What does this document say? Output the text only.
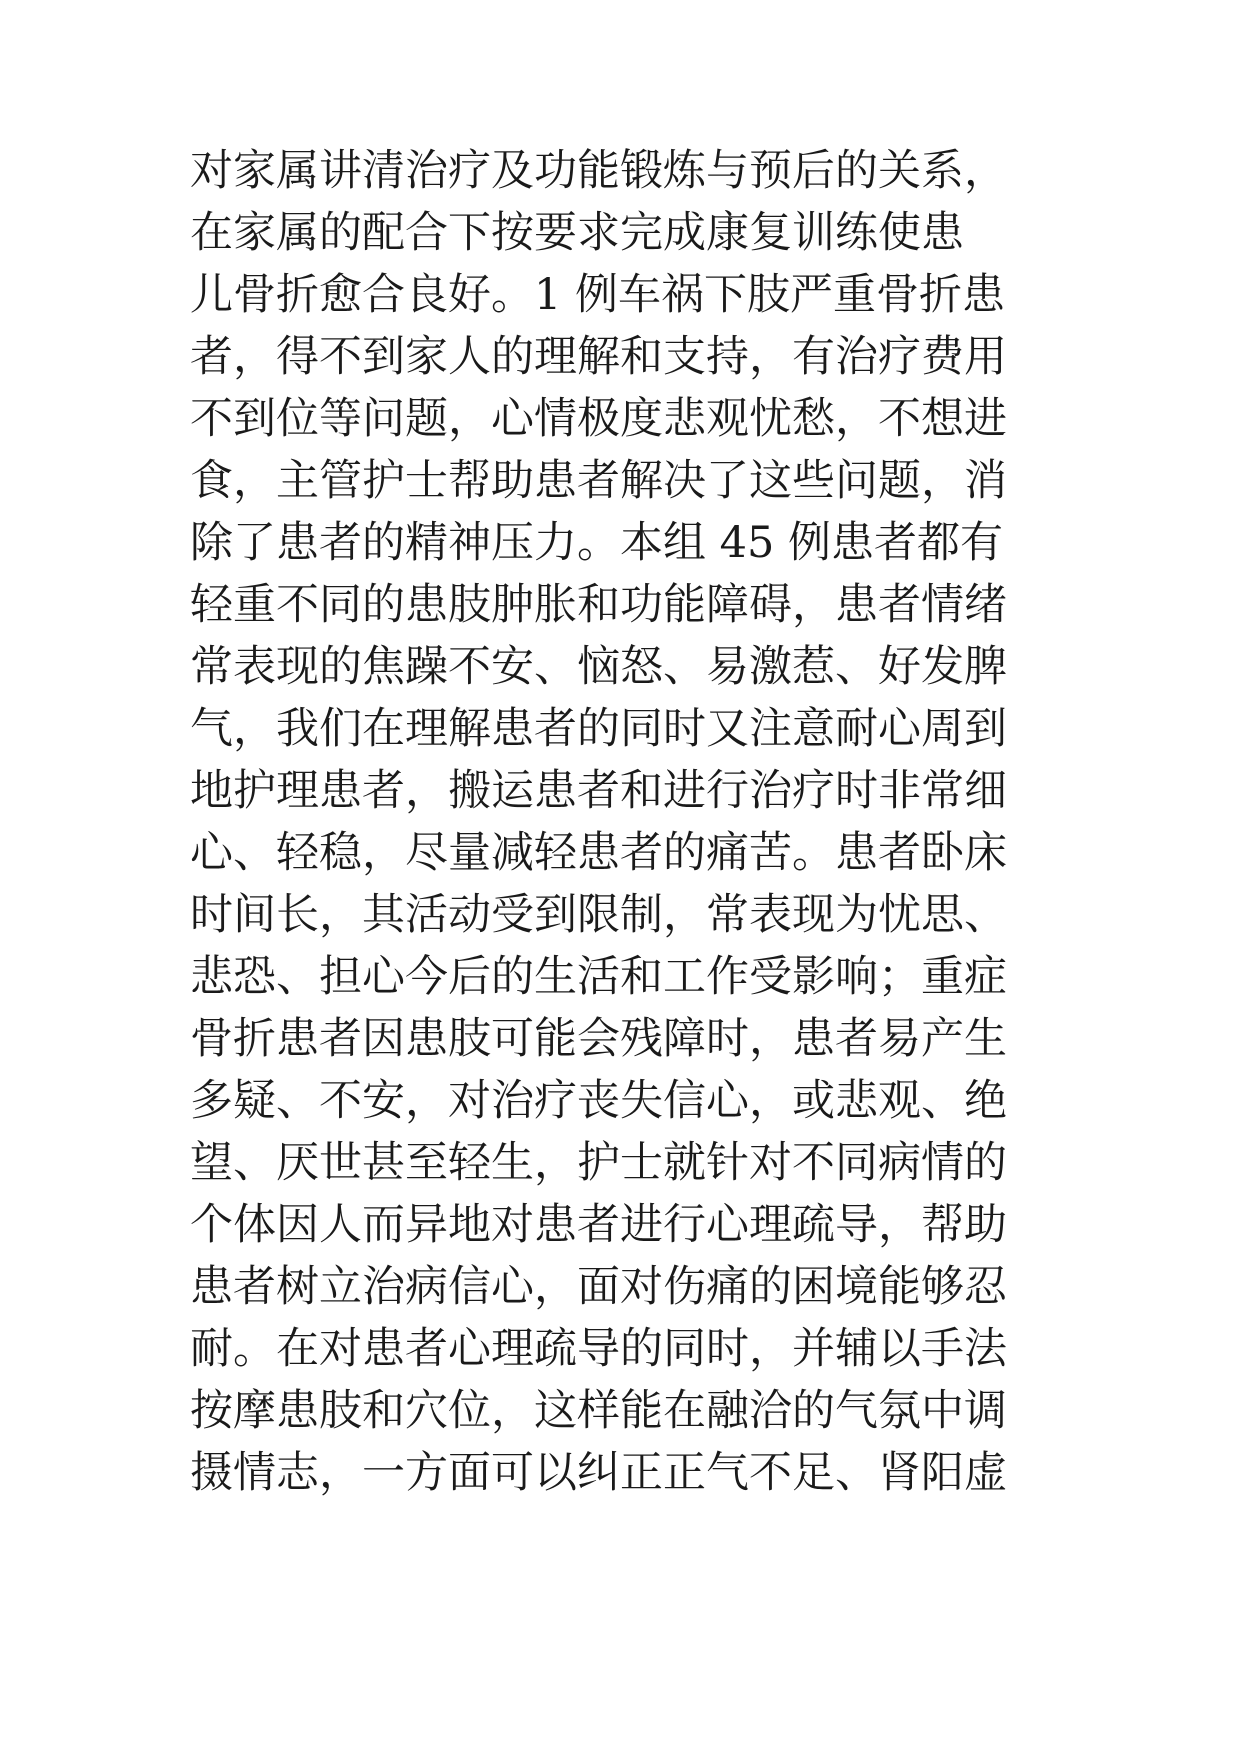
对家属讲清治疗及功能锻炼与预后的关系，
在家属的配合下按要求完成康复训练使患
儿骨折愈合良好。1 例车祸下肢严重骨折患
者，得不到家人的理解和支持，有治疗费用
不到位等问题，心情极度悲观忧愁，不想进
食，主管护士帮助患者解决了这些问题，消
除了患者的精神压力。本组 45 例患者都有
轻重不同的患肢肿胀和功能障碍，患者情绪
常表现的焦躁不安、恼怒、易激惹、好发脾
气，我们在理解患者的同时又注意耐心周到
地护理患者，搬运患者和进行治疗时非常细
心、轻稳，尽量减轻患者的痛苦。患者卧床
时间长，其活动受到限制，常表现为忧思、
悲恐、担心今后的生活和工作受影响；重症
骨折患者因患肢可能会残障时，患者易产生
多疑、不安，对治疗丧失信心，或悲观、绝
望、厌世甚至轻生，护士就针对不同病情的
个体因人而异地对患者进行心理疏导，帮助
患者树立治病信心，面对伤痛的困境能够忍
耐。在对患者心理疏导的同时，并辅以手法
按摩患肢和穴位，这样能在融洽的气氛中调
摄情志，一方面可以纠正正气不足、肾阳虚
